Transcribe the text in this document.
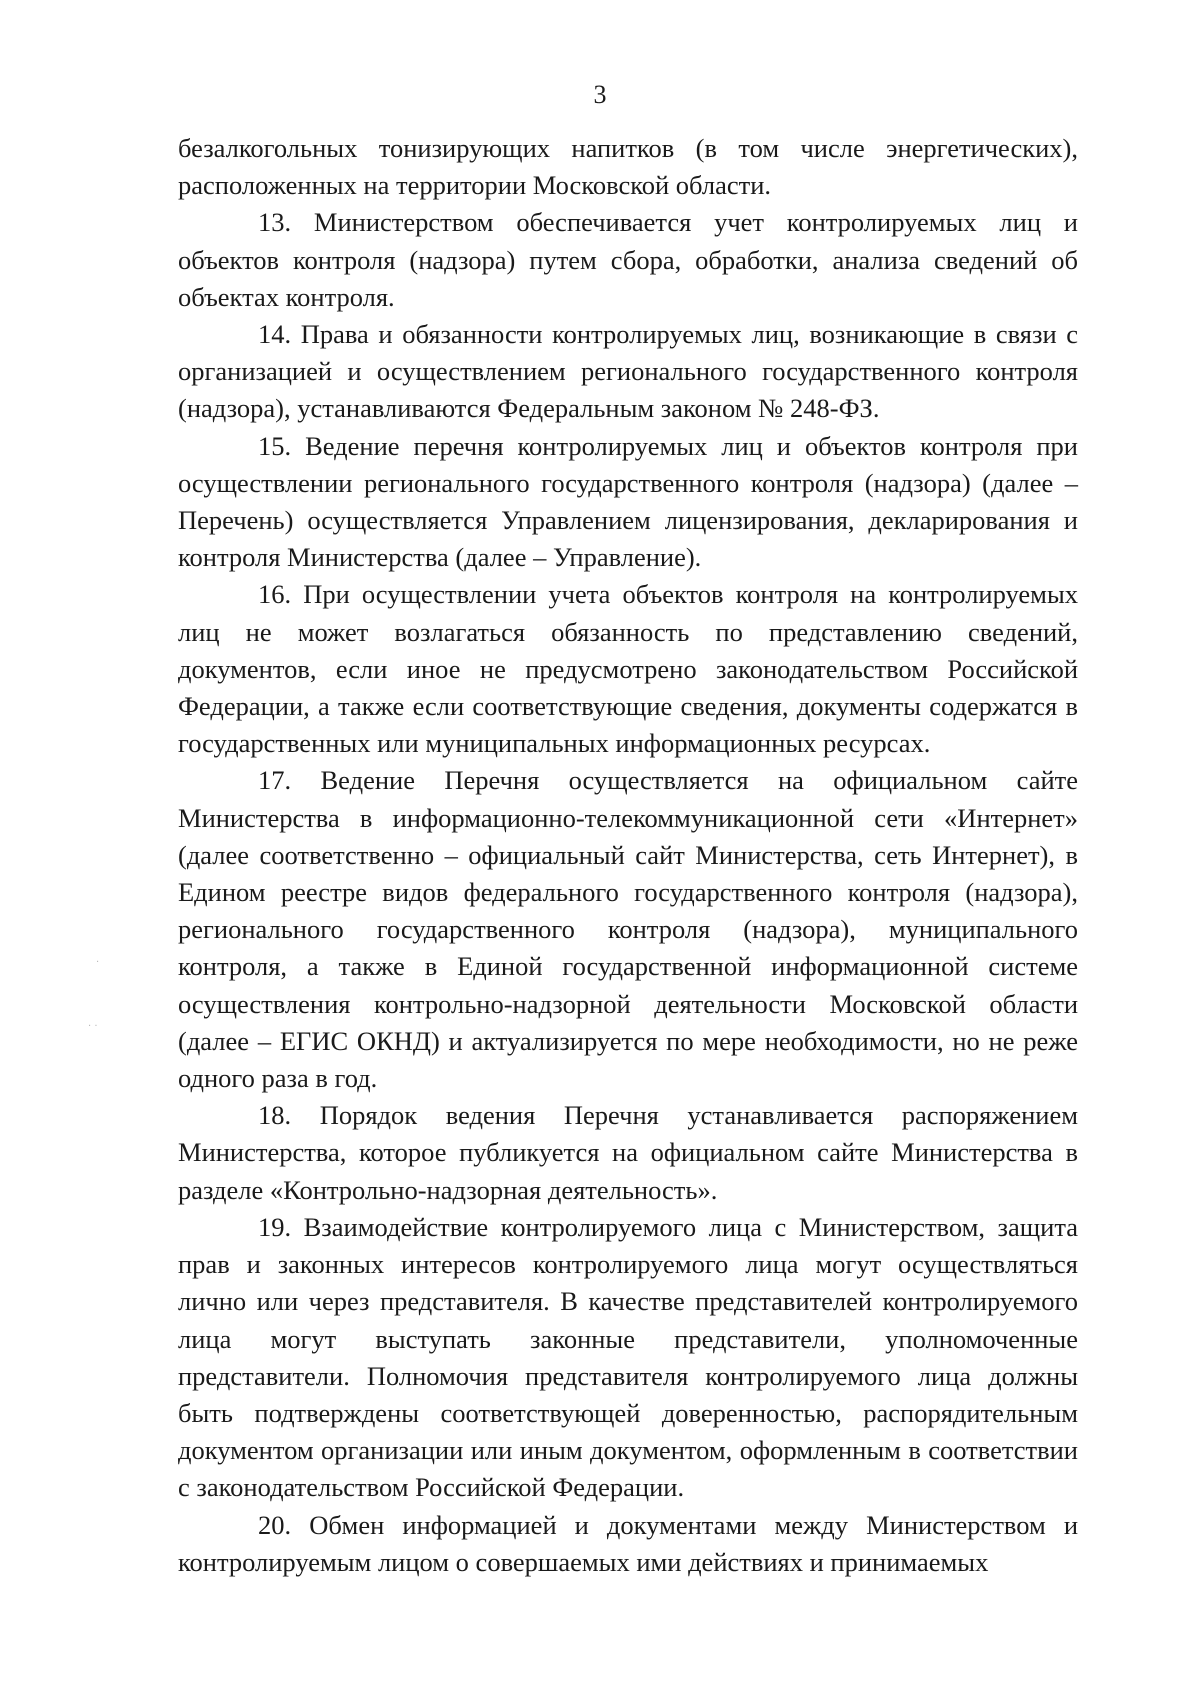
3

безалкогольных тонизирующих напитков (в том числе энергетических), расположенных на территории Московской области.

13. Министерством обеспечивается учет контролируемых лиц и объектов контроля (надзора) путем сбора, обработки, анализа сведений об объектах контроля.

14. Права и обязанности контролируемых лиц, возникающие в связи с организацией и осуществлением регионального государственного контроля (надзора), устанавливаются Федеральным законом № 248-ФЗ.

15. Ведение перечня контролируемых лиц и объектов контроля при осуществлении регионального государственного контроля (надзора) (далее – Перечень) осуществляется Управлением лицензирования, декларирования и контроля Министерства (далее – Управление).

16. При осуществлении учета объектов контроля на контролируемых лиц не может возлагаться обязанность по представлению сведений, документов, если иное не предусмотрено законодательством Российской Федерации, а также если соответствующие сведения, документы содержатся в государственных или муниципальных информационных ресурсах.

17. Ведение Перечня осуществляется на официальном сайте Министерства в информационно-телекоммуникационной сети «Интернет» (далее соответственно – официальный сайт Министерства, сеть Интернет), в Едином реестре видов федерального государственного контроля (надзора), регионального государственного контроля (надзора), муниципального контроля, а также в Единой государственной информационной системе осуществления контрольно-надзорной деятельности Московской области (далее – ЕГИС ОКНД) и актуализируется по мере необходимости, но не реже одного раза в год.

18. Порядок ведения Перечня устанавливается распоряжением Министерства, которое публикуется на официальном сайте Министерства в разделе «Контрольно-надзорная деятельность».

19. Взаимодействие контролируемого лица с Министерством, защита прав и законных интересов контролируемого лица могут осуществляться лично или через представителя. В качестве представителей контролируемого лица могут выступать законные представители, уполномоченные представители. Полномочия представителя контролируемого лица должны быть подтверждены соответствующей доверенностью, распорядительным документом организации или иным документом, оформленным в соответствии с законодательством Российской Федерации.

20. Обмен информацией и документами между Министерством и контролируемым лицом о совершаемых ими действиях и принимаемых

·
· ·
